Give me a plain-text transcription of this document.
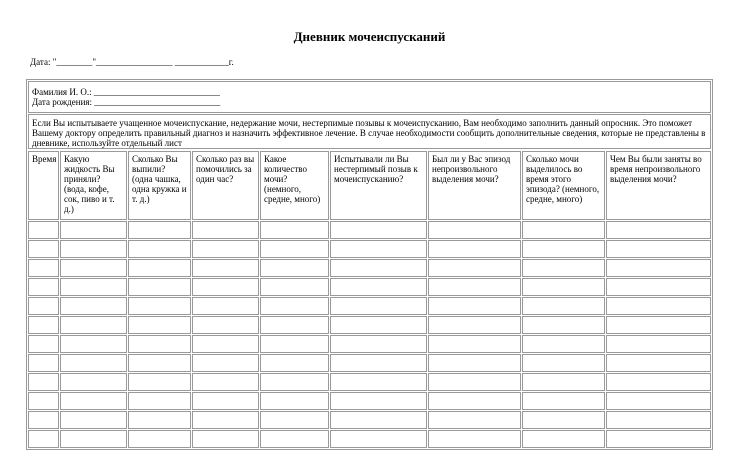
Дневник мочеиспусканий
Дата: "________"_________________ ____________г.
Фамилия И. О.: ____________________________
Дата рождения: ____________________________
Если Вы испытываете учащенное мочеиспускание, недержание мочи, нестерпимые позывы к мочеиспусканию, Вам необходимо заполнить данный опросник. Это поможет Вашему доктору определить правильный диагноз и назначить эффективное лечение. В случае необходимости сообщить дополнительные сведения, которые не представлены в дневнике, используйте отдельный лист
Время	Какую жидкость Вы приняли? (вода, кофе, сок, пиво и т. д.)	Сколько Вы выпили? (одна чашка, одна кружка и т. д.)	Сколько раз вы помочились за один час?	Какое количество мочи? (немного, средне, много)	Испытывали ли Вы нестерпимый позыв к мочеиспусканию?	Был ли у Вас эпизод непроизвольного выделения мочи?	Сколько мочи выделилось во время этого эпизода? (немного, средне, много)	Чем Вы были заняты во время непроизвольного выделения мочи?
